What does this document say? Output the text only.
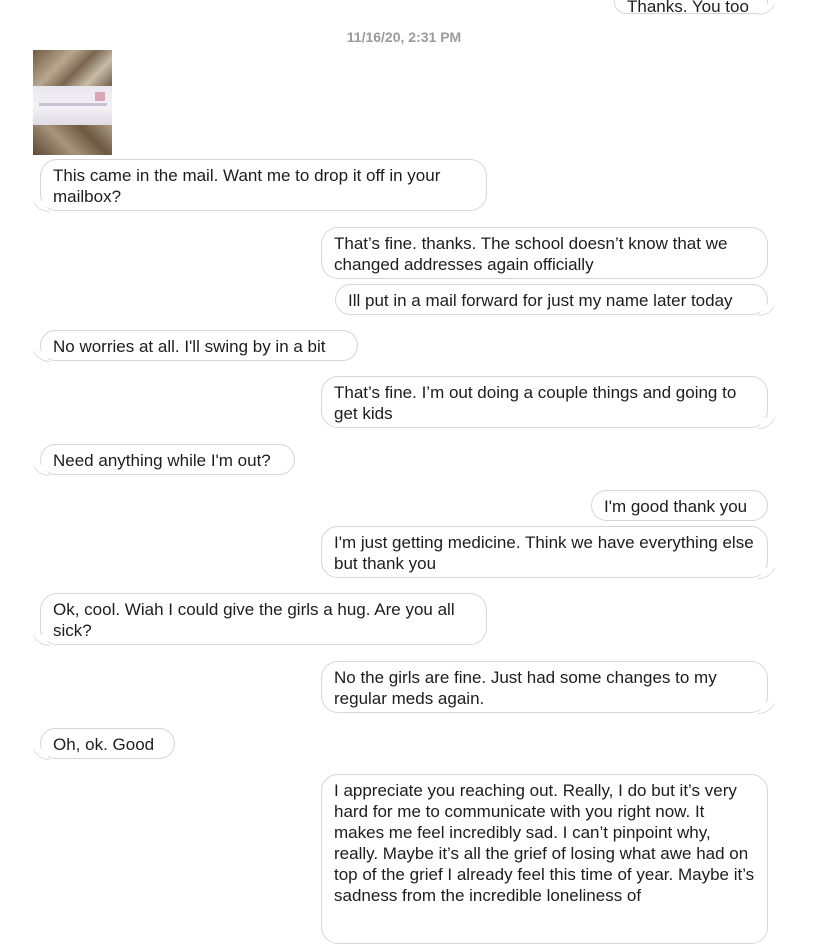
Thanks. You too
11/16/20, 2:31 PM
This came in the mail. Want me to drop it off in your mailbox?
That’s fine. thanks. The school doesn’t know that we changed addresses again officially
Ill put in a mail forward for just my name later today
No worries at all. I'll swing by in a bit
That’s fine. I’m out doing a couple things and going to get kids
Need anything while I'm out?
I'm good thank you
I'm just getting medicine. Think we have everything else but thank you
Ok, cool. Wiah I could give the girls a hug. Are you all sick?
No the girls are fine. Just had some changes to my regular meds again.
Oh, ok. Good
I appreciate you reaching out. Really, I do but it’s very hard for me to communicate with you right now. It makes me feel incredibly sad. I can’t pinpoint why, really. Maybe it’s all the grief of losing what awe had on top of the grief I already feel this time of year. Maybe it’s sadness from the incredible loneliness of
